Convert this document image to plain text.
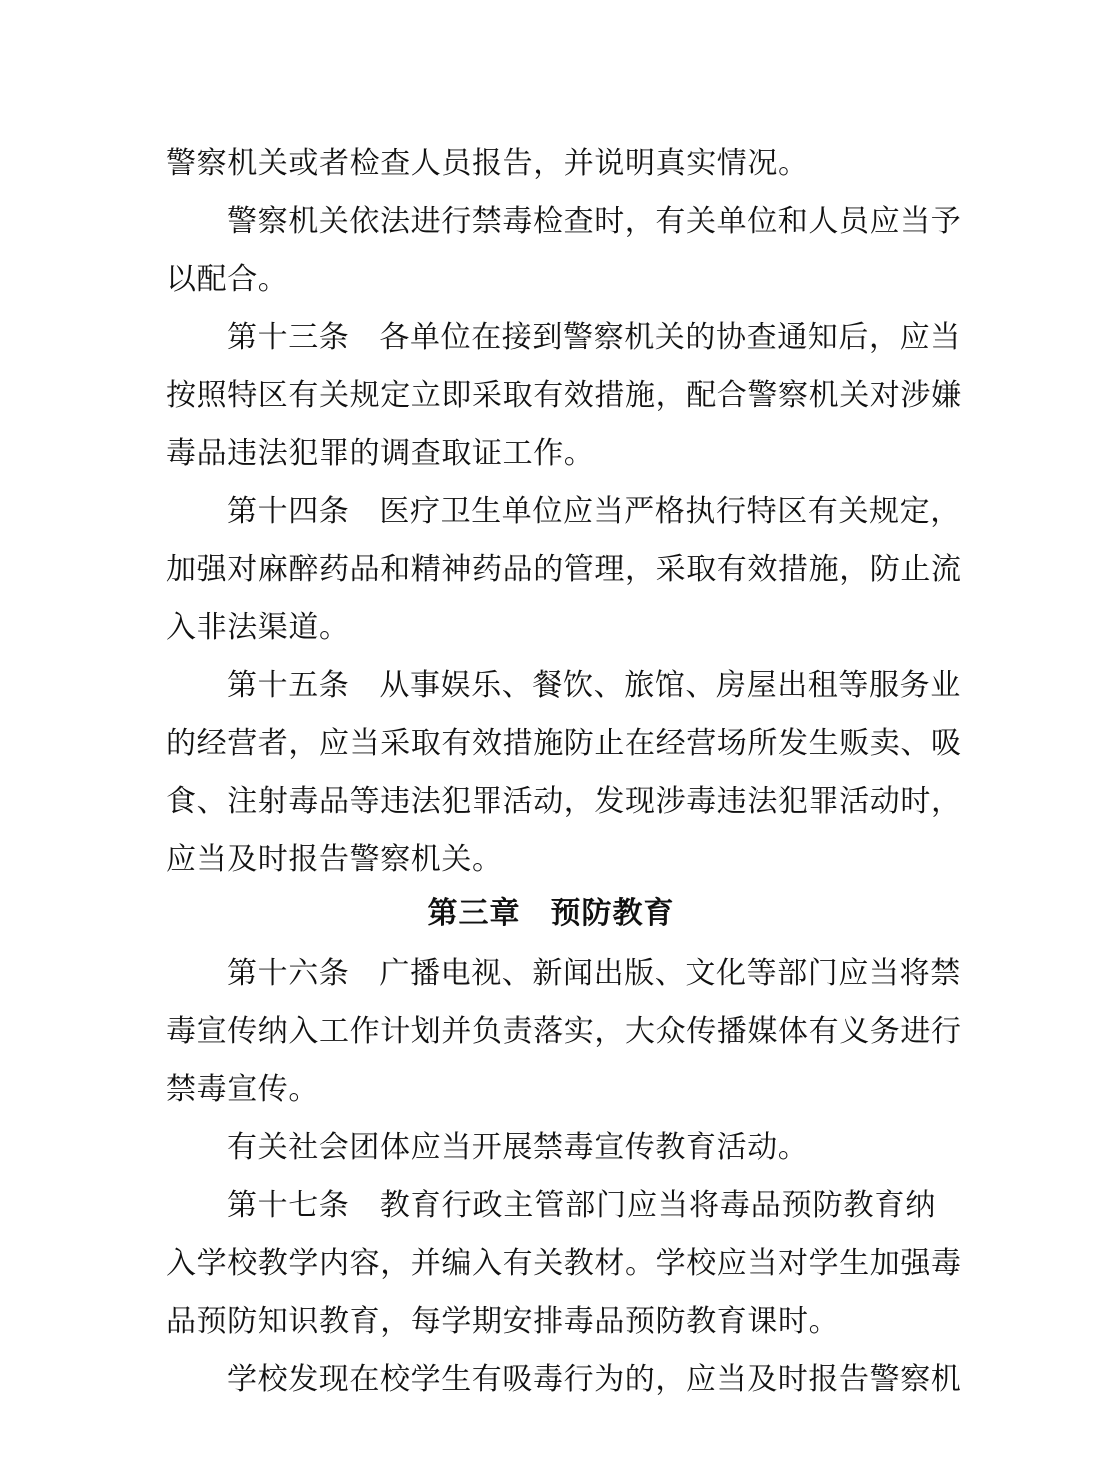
警察机关或者检查人员报告，并说明真实情况。
警察机关依法进行禁毒检查时，有关单位和人员应当予
以配合。
第十三条 各单位在接到警察机关的协查通知后，应当
按照特区有关规定立即采取有效措施，配合警察机关对涉嫌
毒品违法犯罪的调查取证工作。
第十四条 医疗卫生单位应当严格执行特区有关规定，
加强对麻醉药品和精神药品的管理，采取有效措施，防止流
入非法渠道。
第十五条 从事娱乐、餐饮、旅馆、房屋出租等服务业
的经营者，应当采取有效措施防止在经营场所发生贩卖、吸
食、注射毒品等违法犯罪活动，发现涉毒违法犯罪活动时，
应当及时报告警察机关。
第三章 预防教育
第十六条 广播电视、新闻出版、文化等部门应当将禁
毒宣传纳入工作计划并负责落实，大众传播媒体有义务进行
禁毒宣传。
有关社会团体应当开展禁毒宣传教育活动。
第十七条 教育行政主管部门应当将毒品预防教育纳
入学校教学内容，并编入有关教材。学校应当对学生加强毒
品预防知识教育，每学期安排毒品预防教育课时。
学校发现在校学生有吸毒行为的，应当及时报告警察机
